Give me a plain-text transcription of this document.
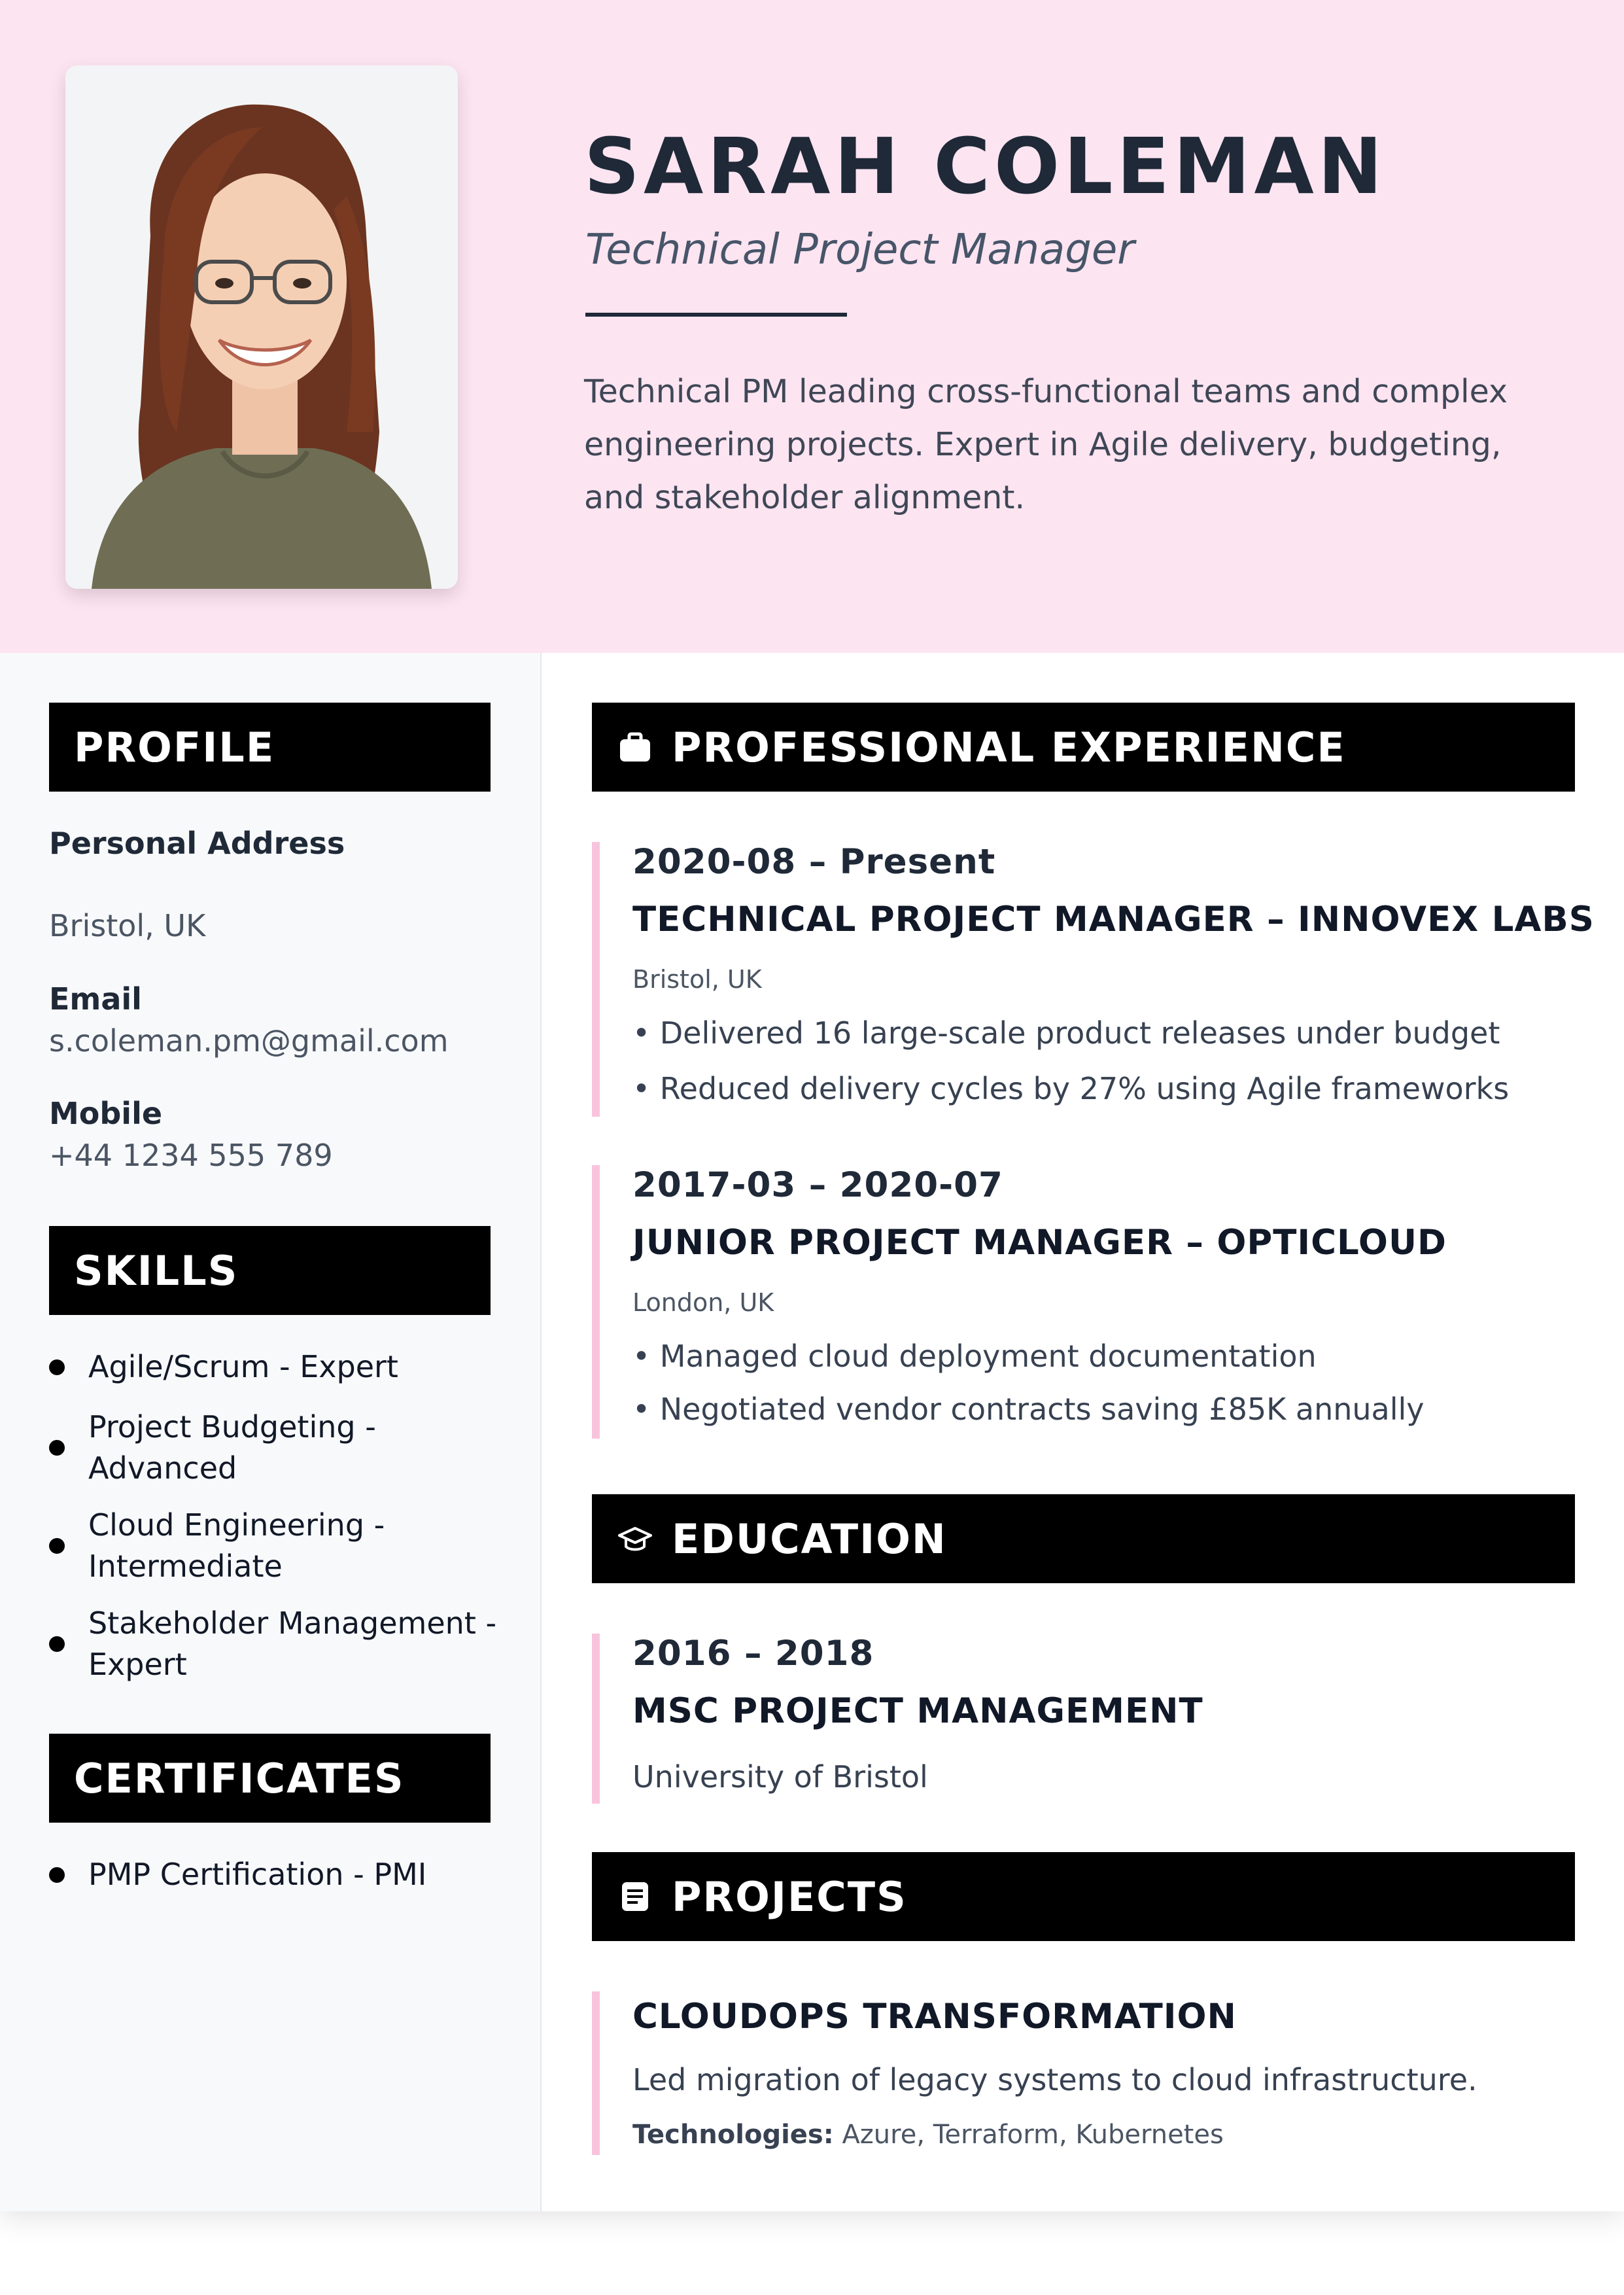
SARAH COLEMAN
Technical Project Manager
Technical PM leading cross-functional teams and complex engineering projects. Expert in Agile delivery, budgeting, and stakeholder alignment.
PROFILE
Personal Address
Bristol, UK
Email
s.coleman.pm@gmail.com
Mobile
+44 1234 555 789
SKILLS
Agile/Scrum - Expert
Project Budgeting - Advanced
Cloud Engineering - Intermediate
Stakeholder Management - Expert
CERTIFICATES
PMP Certification - PMI
PROFESSIONAL EXPERIENCE
2020-08 – Present
TECHNICAL PROJECT MANAGER – INNOVEX LABS
Bristol, UK
• Delivered 16 large-scale product releases under budget
• Reduced delivery cycles by 27% using Agile frameworks
2017-03 – 2020-07
JUNIOR PROJECT MANAGER – OPTICLOUD
London, UK
• Managed cloud deployment documentation
• Negotiated vendor contracts saving £85K annually
EDUCATION
2016 – 2018
MSC PROJECT MANAGEMENT
University of Bristol
PROJECTS
CLOUDOPS TRANSFORMATION
Led migration of legacy systems to cloud infrastructure.
Technologies: Azure, Terraform, Kubernetes
